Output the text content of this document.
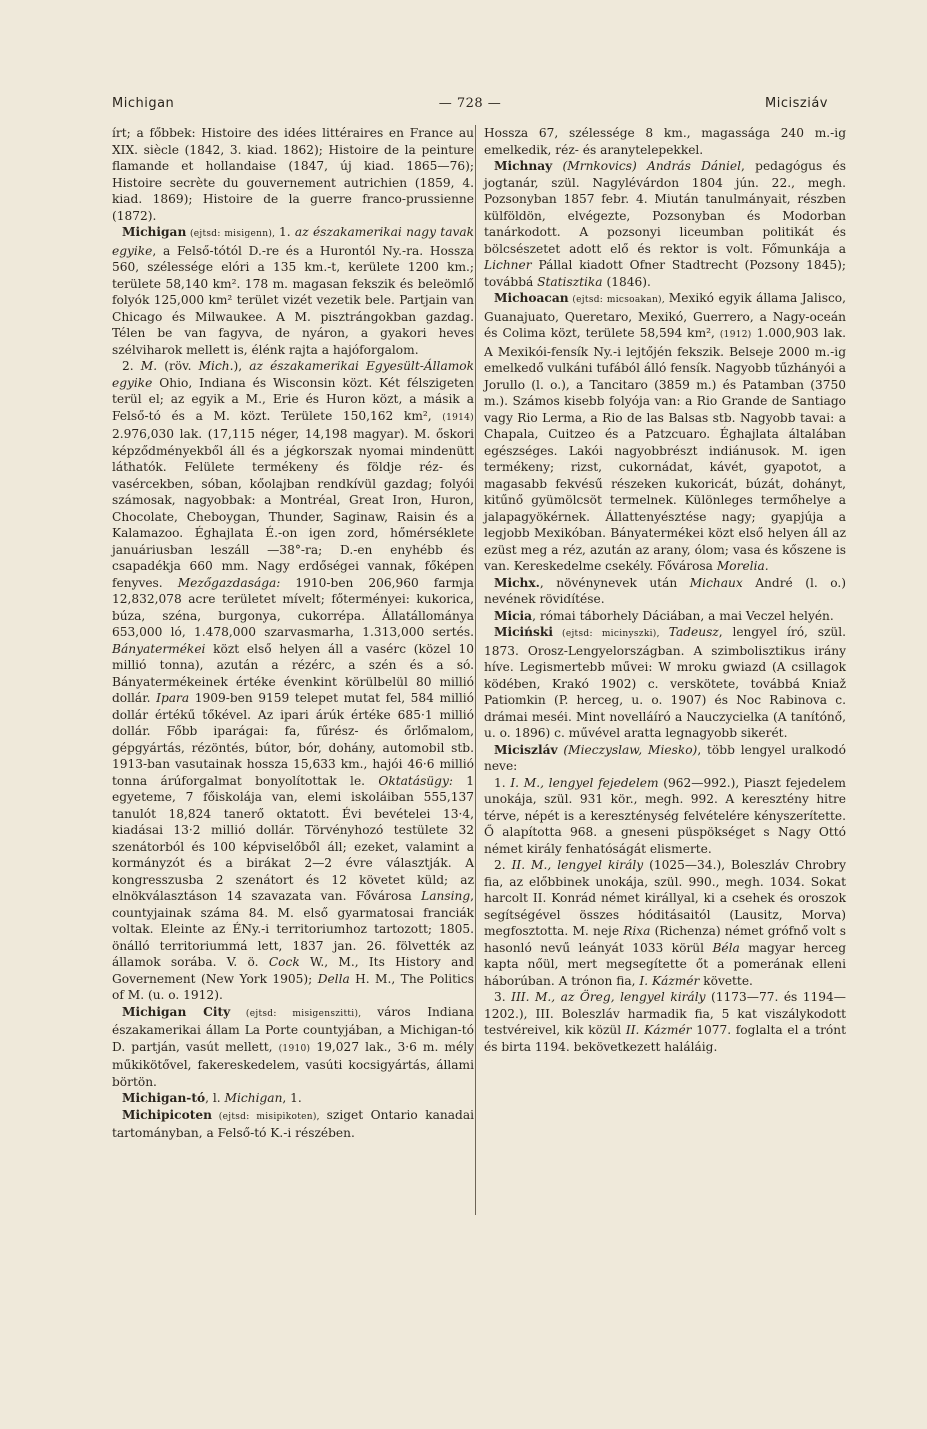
Michigan	— 728 —	Micisziáv

írt; a főbbek: Histoire des idées littéraires en France au XIX. siècle (1842, 3. kiad. 1862); Histoire de la peinture flamande et hollandaise (1847, új kiad. 1865—76); Histoire secrète du gouvernement autrichien (1859, 4. kiad. 1869); Histoire de la guerre franco-prussienne (1872).

Michigan (ejtsd: misigenn), 1. az északamerikai nagy tavak egyike, a Felső-tótól D.-re és a Hurontól Ny.-ra. Hossza 560, szélessége elóri a 135 km.-t, kerülete 1200 km.; területe 58,140 km². 178 m. magasan fekszik és beleömlő folyók 125,000 km² terület vizét vezetik bele. Partjain van Chicago és Milwaukee. A M. pisztrángokban gazdag. Télen be van fagyva, de nyáron, a gyakori heves szélviharok mellett is, élénk rajta a hajóforgalom.

2. M. (röv. Mich.), az északamerikai Egyesült-Államok egyike Ohio, Indiana és Wisconsin közt. Két félszigeten terül el; az egyik a M., Erie és Huron közt, a másik a Felső-tó és a M. közt. Területe 150,162 km², (1914) 2.976,030 lak. (17,115 néger, 14,198 magyar). M. őskori képződményekből áll és a jégkorszak nyomai mindenütt láthatók. Felülete termékeny és földje réz- és vasércekben, sóban, kőolajban rendkívül gazdag; folyói számosak, nagyobbak: a Montréal, Great Iron, Huron, Chocolate, Cheboygan, Thunder, Saginaw, Raisin és a Kalamazoo. Éghajlata É.-on igen zord, hőmérséklete januáriusban leszáll —38°-ra; D.-en enyhébb és csapadékja 660 mm. Nagy erdőségei vannak, főképen fenyves. Mezőgazdasága: 1910-ben 206,960 farmja 12,832,078 acre területet mívelt; főterményei: kukorica, búza, széna, burgonya, cukorrépa. Állatállománya 653,000 ló, 1.478,000 szarvasmarha, 1.313,000 sertés. Bányatermékei közt első helyen áll a vasérc (közel 10 millió tonna), azután a rézérc, a szén és a só. Bányatermékeinek értéke évenkint körülbelül 80 millió dollár. Ipara 1909-ben 9159 telepet mutat fel, 584 millió dollár értékű tőkével. Az ipari árúk értéke 685·1 millió dollár. Főbb iparágai: fa, fűrész- és őrlőmalom, gépgyártás, rézöntés, bútor, bór, dohány, automobil stb. 1913-ban vasutainak hossza 15,633 km., hajói 46·6 millió tonna árúforgalmat bonyolítottak le. Oktatásügy: 1 egyeteme, 7 főiskolája van, elemi iskoláiban 555,137 tanulót 18,824 tanerő oktatott. Évi bevételei 13·4, kiadásai 13·2 millió dollár. Törvényhozó testülete 32 szenátorból és 100 képviselőből áll; ezeket, valamint a kormányzót és a birákat 2—2 évre választják. A kongresszusba 2 szenátort és 12 követet küld; az elnökválasztáson 14 szavazata van. Fővárosa Lansing, countyjainak száma 84. M. első gyarmatosai franciák voltak. Eleinte az ÉNy.-i territoriumhoz tartozott; 1805. önálló territoriummá lett, 1837 jan. 26. fölvették az államok sorába. V. ö. Cock W., M., Its History and Governement (New York 1905); Della H. M., The Politics of M. (u. o. 1912).

Michigan City (ejtsd: misigenszitti), város Indiana északamerikai állam La Porte countyjában, a Michigan-tó D. partján, vasút mellett, (1910) 19,027 lak., 3·6 m. mély műkikötővel, fakereskedelem, vasúti kocsigyártás, állami börtön.

Michigan-tó, l. Michigan, 1.

Michipicoten (ejtsd: misipikoten), sziget Ontario kanadai tartományban, a Felső-tó K.-i részében.

Hossza 67, szélessége 8 km., magassága 240 m.-ig emelkedik, réz- és aranytelepekkel.

Michnay (Mrnkovics) András Dániel, pedagógus és jogtanár, szül. Nagylévárdon 1804 jún. 22., megh. Pozsonyban 1857 febr. 4. Miután tanulmányait, részben külföldön, elvégezte, Pozsonyban és Modorban tanárkodott. A pozsonyi liceumban politikát és bölcsészetet adott elő és rektor is volt. Főmunkája a Lichner Pállal kiadott Ofner Stadtrecht (Pozsony 1845); továbbá Statisztika (1846).

Michoacan (ejtsd: micsoakan), Mexikó egyik állama Jalisco, Guanajuato, Queretaro, Mexikó, Guerrero, a Nagy-oceán és Colima közt, területe 58,594 km², (1912) 1.000,903 lak. A Mexikói-fensík Ny.-i lejtőjén fekszik. Belseje 2000 m.-ig emelkedő vulkáni tufából álló fensík. Nagyobb tűzhányói a Jorullo (l. o.), a Tancitaro (3859 m.) és Patamban (3750 m.). Számos kisebb folyója van: a Rio Grande de Santiago vagy Rio Lerma, a Rio de las Balsas stb. Nagyobb tavai: a Chapala, Cuitzeo és a Patzcuaro. Éghajlata általában egészséges. Lakói nagyobbrészt indiánusok. M. igen termékeny; rizst, cukornádat, kávét, gyapotot, a magasabb fekvésű részeken kukoricát, búzát, dohányt, kitűnő gyümölcsöt termelnek. Különleges termőhelye a jalapagyökérnek. Állattenyésztése nagy; gyapjúja a legjobb Mexikóban. Bányatermékei közt első helyen áll az ezüst meg a réz, azután az arany, ólom; vasa és kőszene is van. Kereskedelme csekély. Fővárosa Morelia.

Michx., növénynevek után Michaux André (l. o.) nevének rövidítése.

Micia, római táborhely Dáciában, a mai Veczel helyén.

Miciński (ejtsd: micinyszki), Tadeusz, lengyel író, szül. 1873. Orosz-Lengyelországban. A szimbolisztikus irány híve. Legismertebb művei: W mroku gwiazd (A csillagok ködében, Krakó 1902) c. verskötete, továbbá Kniaž Patiomkin (P. herceg, u. o. 1907) és Noc Rabinova c. drámai meséi. Mint novelláíró a Nauczycielka (A tanítónő, u. o. 1896) c. művével aratta legnagyobb sikerét.

Miciszláv (Mieczyslaw, Miesko), több lengyel uralkodó neve:

1. I. M., lengyel fejedelem (962—992.), Piaszt fejedelem unokája, szül. 931 kör., megh. 992. A keresztény hitre térve, népét is a kereszténység felvételére kényszerítette. Ő alapította 968. a gneseni püspökséget s Nagy Ottó német király fenhatóságát elismerte.

2. II. M., lengyel király (1025—34.), Boleszláv Chrobry fia, az előbbinek unokája, szül. 990., megh. 1034. Sokat harcolt II. Konrád német királlyal, ki a csehek és oroszok segítségével összes hóditásaitól (Lausitz, Morva) megfosztotta. M. neje Rixa (Richenza) német grófnő volt s hasonló nevű leányát 1033 körül Béla magyar herceg kapta nőül, mert megsegítette őt a pomerának elleni háborúban. A trónon fia, I. Kázmér követte.

3. III. M., az Öreg, lengyel király (1173—77. és 1194—1202.), III. Boleszláv harmadik fia, 5 kat viszálykodott testvéreivel, kik közül II. Kázmér 1077. foglalta el a trónt és birta 1194. bekövetkezett haláláig.
